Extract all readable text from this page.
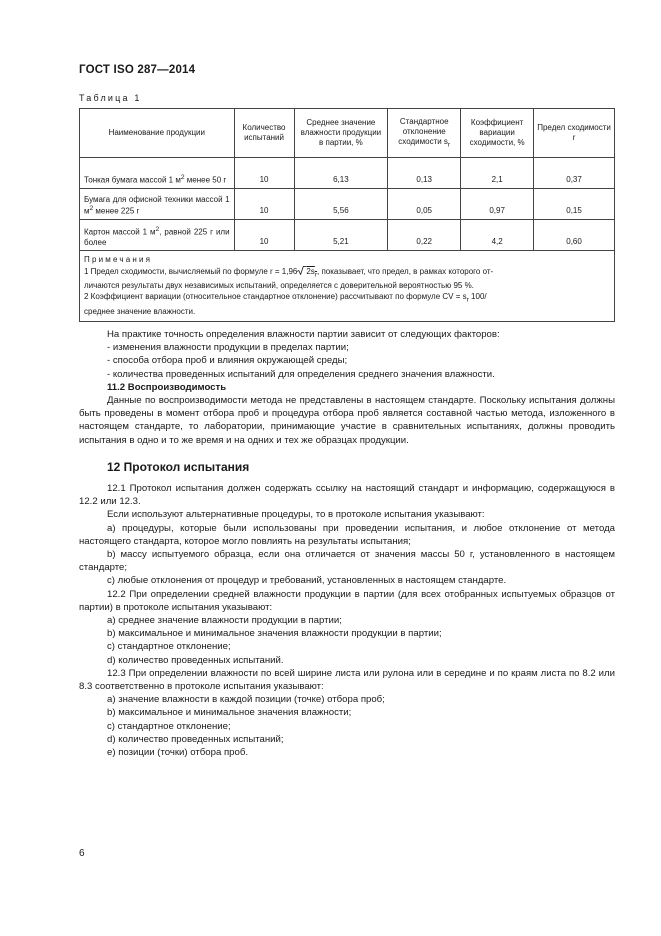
ГОСТ ISO 287—2014
Таблица 1
Наименование продукции	Количество испытаний	Среднее значение влажности продукции в партии, %	Стандартное отклонение сходимости $s_r$	Коэффициент вариации сходимости, %	Предел сходимости r
Тонкая бумага массой 1 $м^2$ менее 50 г	10	6,13	0,13	2,1	0,37
Бумага для офисной техники массой 1 $м^2$ менее 225 г	10	5,56	0,05	0,97	0,15
Картон массой 1 $м^2$, равной 225 г или более	10	5,21	0,22	4,2	0,60

Примечания
1 Предел сходимости, вычисляемый по формуле r = 1,96 $2s_r$, показывает, что предел, в рамках которого от-
личаются результаты двух независимых испытаний, определяется с доверительной вероятностью 95 %.
2 Коэффициент вариации (относительное стандартное отклонение) рассчитывают по формуле CV = $s_r$ 100/
среднее значение влажности.					

На практике точность определения влажности партии зависит от следующих факторов:

- изменения влажности продукции в пределах партии;

- способа отбора проб и влияния окружающей среды;

- количества проведенных испытаний для определения среднего значения влажности.

11.2 Воспроизводимость

Данные по воспроизводимости метода не представлены в настоящем стандарте. Поскольку испытания должны быть проведены в момент отбора проб и процедура отбора проб является составной частью метода, изложенного в настоящем стандарте, то лаборатории, принимающие участие в сравнительных испытаниях, должны проводить испытания в одно и то же время и на одних и тех же образцах продукции.

12 Протокол испытания

12.1 Протокол испытания должен содержать ссылку на настоящий стандарт и информацию, содержащуюся в 12.2 или 12.3.

Если используют альтернативные процедуры, то в протоколе испытания указывают:

a) процедуры, которые были использованы при проведении испытания, и любое отклонение от метода настоящего стандарта, которое могло повлиять на результаты испытания;

b) массу испытуемого образца, если она отличается от значения массы 50 г, установленного в настоящем стандарте;

c) любые отклонения от процедур и требований, установленных в настоящем стандарте.

12.2 При определении средней влажности продукции в партии (для всех отобранных испытуемых образцов от партии) в протоколе испытания указывают:

a) среднее значение влажности продукции в партии;

b) максимальное и минимальное значения влажности продукции в партии;

c) стандартное отклонение;

d) количество проведенных испытаний.

12.3 При определении влажности по всей ширине листа или рулона или в середине и по краям листа по 8.2 или 8.3 соответственно в протоколе испытания указывают:

a) значение влажности в каждой позиции (точке) отбора проб;

b) максимальное и минимальное значения влажности;

c) стандартное отклонение;

d) количество проведенных испытаний;

e) позиции (точки) отбора проб.

6
